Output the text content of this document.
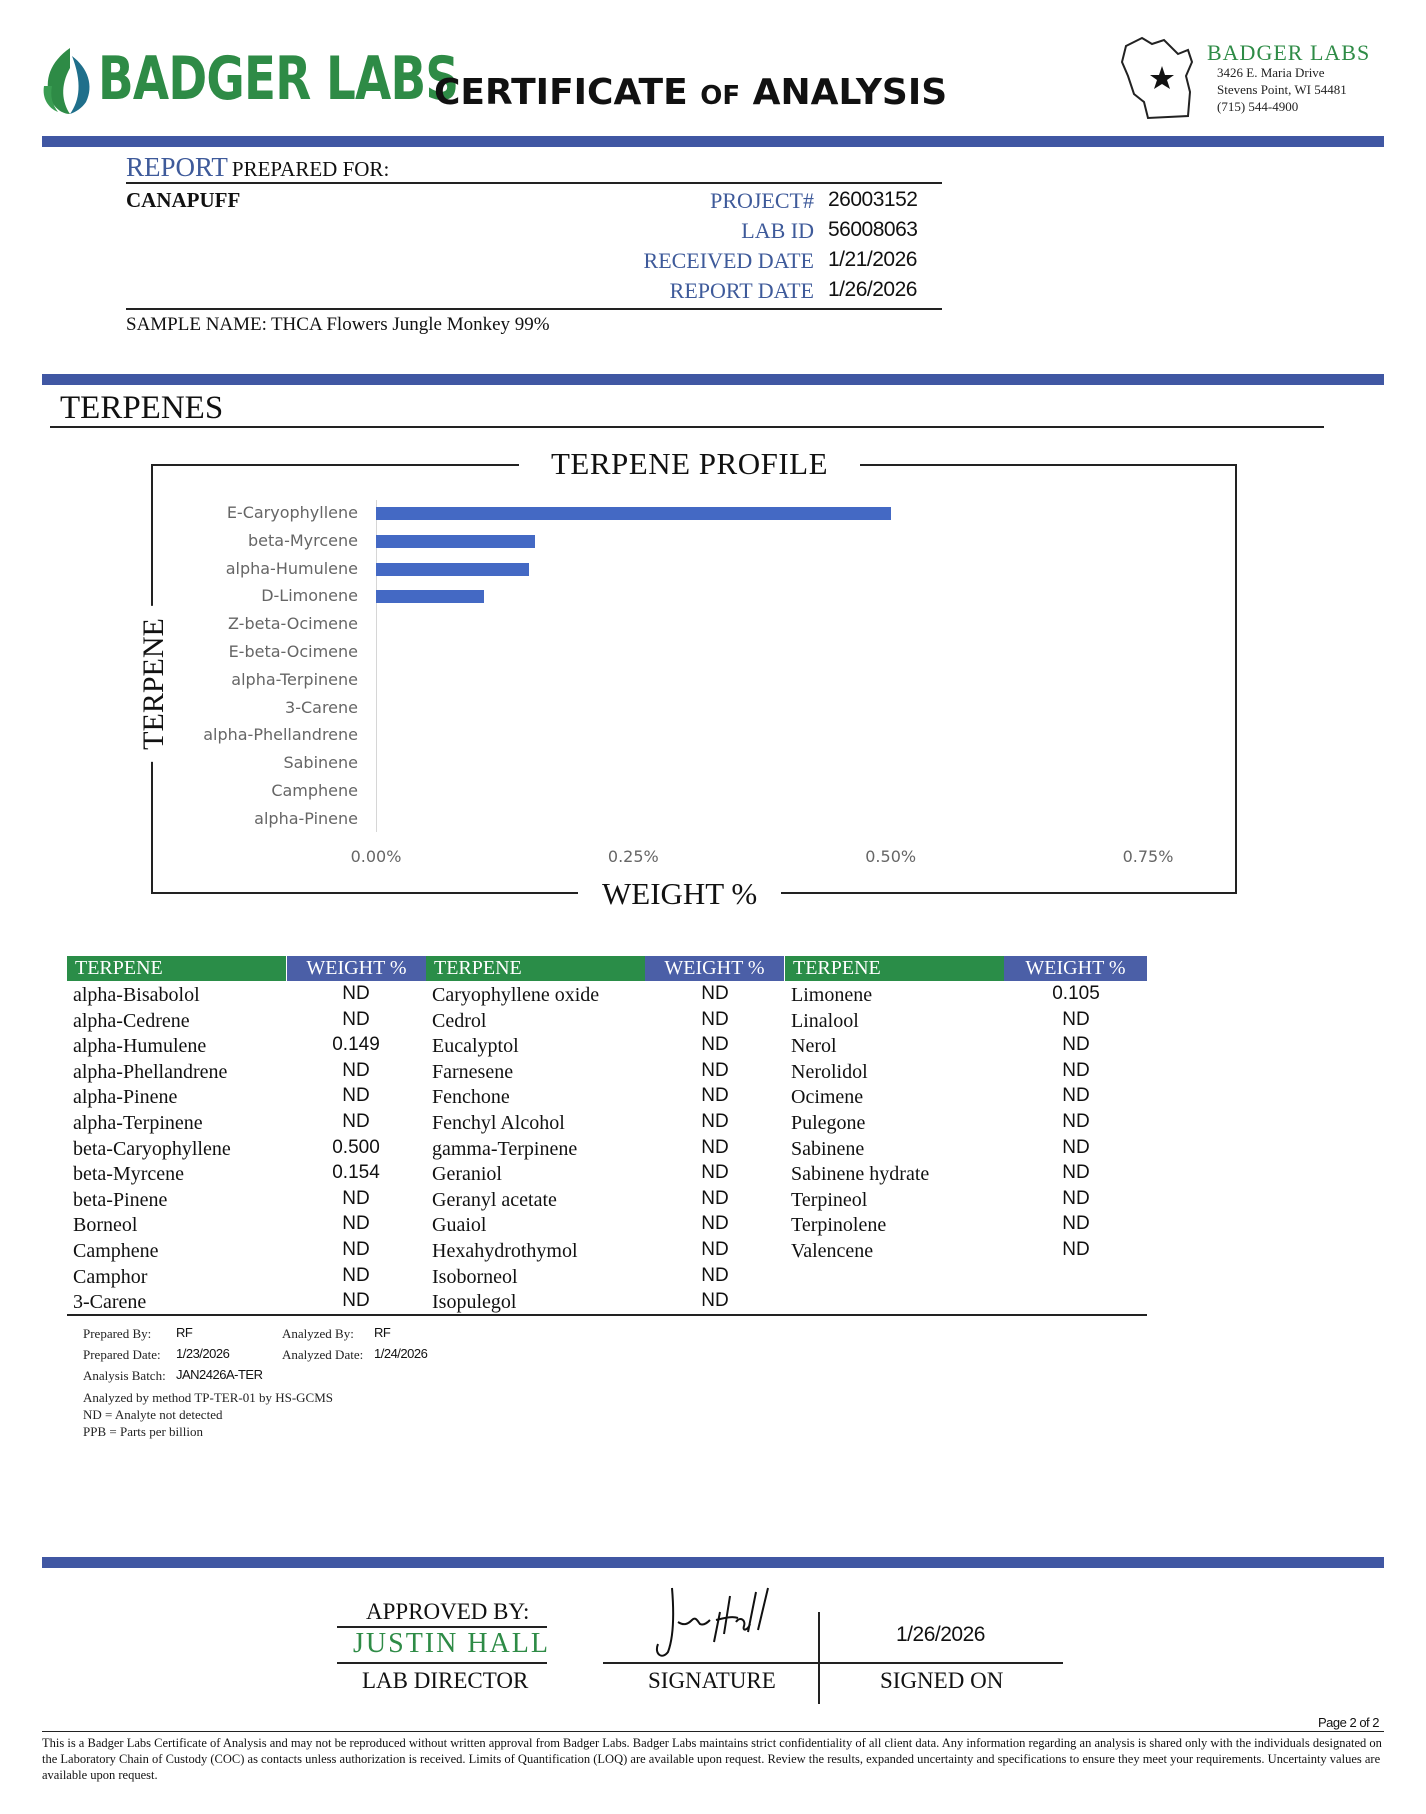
BADGER LABS
CERTIFICATE OF ANALYSIS
BADGER LABS
3426 E. Maria Drive
Stevens Point, WI 54481
(715) 544-4900
REPORT PREPARED FOR:
CANAPUFF	PROJECT# 26003152
LAB ID 56008063
RECEIVED DATE 1/21/2026
REPORT DATE 1/26/2026
SAMPLE NAME: THCA Flowers Jungle Monkey 99%
TERPENES
TERPENE PROFILE
WEIGHT %
TERPENE
E-Caryophyllene
beta-Myrcene
alpha-Humulene
D-Limonene
Z-beta-Ocimene
E-beta-Ocimene
alpha-Terpinene
3-Carene
alpha-Phellandrene
Sabinene
Camphene
alpha-Pinene
0.00%	0.25%	0.50%	0.75%
TERPENE	WEIGHT %
alpha-Bisabolol	ND
alpha-Cedrene	ND
alpha-Humulene	0.149
alpha-Phellandrene	ND
alpha-Pinene	ND
alpha-Terpinene	ND
beta-Caryophyllene	0.500
beta-Myrcene	0.154
beta-Pinene	ND
Borneol	ND
Camphene	ND
Camphor	ND
3-Carene	ND
TERPENE	WEIGHT %
Caryophyllene oxide	ND
Cedrol	ND
Eucalyptol	ND
Farnesene	ND
Fenchone	ND
Fenchyl Alcohol	ND
gamma-Terpinene	ND
Geraniol	ND
Geranyl acetate	ND
Guaiol	ND
Hexahydrothymol	ND
Isoborneol	ND
Isopulegol	ND
TERPENE	WEIGHT %
Limonene	0.105
Linalool	ND
Nerol	ND
Nerolidol	ND
Ocimene	ND
Pulegone	ND
Sabinene	ND
Sabinene hydrate	ND
Terpineol	ND
Terpinolene	ND
Valencene	ND
Prepared By: RF	Analyzed By: RF
Prepared Date: 1/23/2026	Analyzed Date: 1/24/2026
Analysis Batch: JAN2426A-TER
Analyzed by method TP-TER-01 by HS-GCMS
ND = Analyte not detected
PPB = Parts per billion
APPROVED BY:
JUSTIN HALL
LAB DIRECTOR
1/26/2026
SIGNATURE	SIGNED ON
Page 2 of 2
This is a Badger Labs Certificate of Analysis and may not be reproduced without written approval from Badger Labs. Badger Labs maintains strict confidentiality of all client data. Any information regarding an analysis is shared only with the individuals designated on the Laboratory Chain of Custody (COC) as contacts unless authorization is received. Limits of Quantification (LOQ) are available upon request. Review the results, expanded uncertainty and specifications to ensure they meet your requirements. Uncertainty values are available upon request.
